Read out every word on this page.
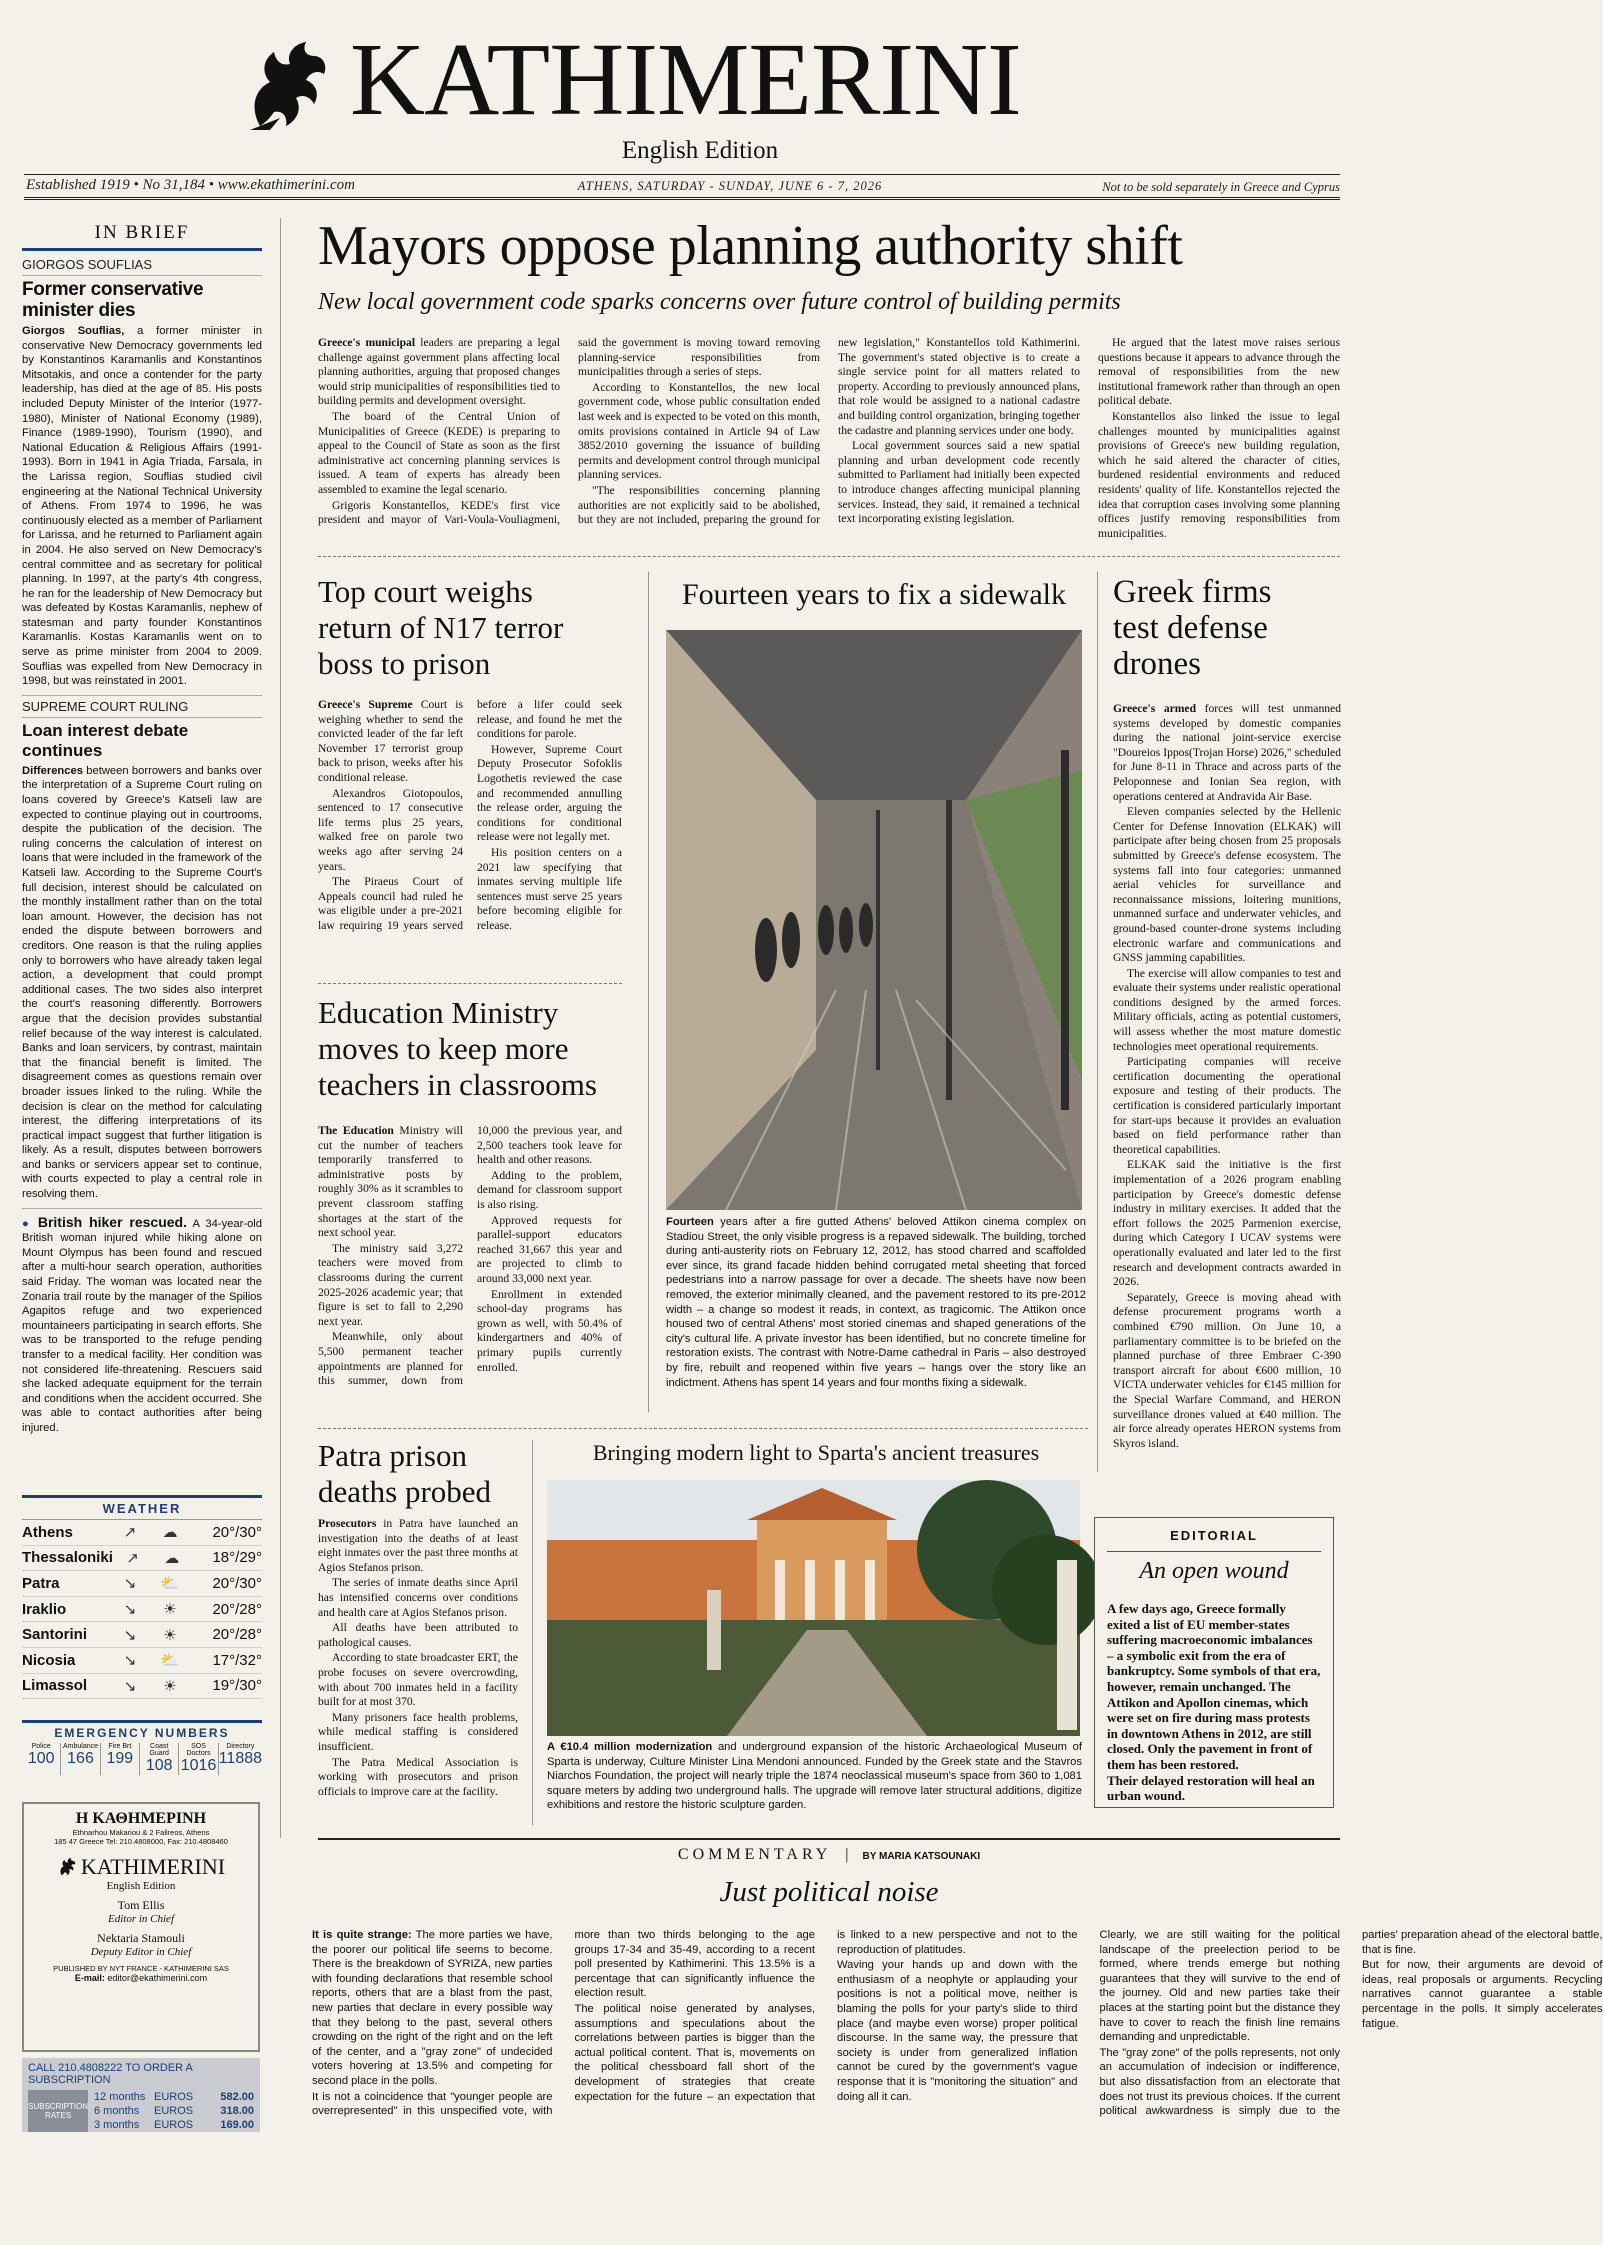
KATHIMERINI
English Edition
Established 1919 • No 31,184 • www.ekathimerini.com	ATHENS, SATURDAY - SUNDAY, JUNE 6 - 7, 2026	Not to be sold separately in Greece and Cyprus
IN BRIEF
GIORGOS SOUFLIAS
Former conservative minister dies

Giorgos Souflias, a former minister in conservative New Democracy governments led by Konstantinos Karamanlis and Konstantinos Mitsotakis, and once a contender for the party leadership, has died at the age of 85. His posts included Deputy Minister of the Interior (1977-1980), Minister of National Economy (1989), Finance (1989-1990), Tourism (1990), and National Education & Religious Affairs (1991-1993). Born in 1941 in Agia Triada, Farsala, in the Larissa region, Souflias studied civil engineering at the National Technical University of Athens. From 1974 to 1996, he was continuously elected as a member of Parliament for Larissa, and he returned to Parliament again in 2004. He also served on New Democracy's central committee and as secretary for political planning. In 1997, at the party's 4th congress, he ran for the leadership of New Democracy but was defeated by Kostas Karamanlis, nephew of statesman and party founder Konstantinos Karamanlis. Kostas Karamanlis went on to serve as prime minister from 2004 to 2009. Souflias was expelled from New Democracy in 1998, but was reinstated in 2001.

SUPREME COURT RULING
Loan interest debate continues

Differences between borrowers and banks over the interpretation of a Supreme Court ruling on loans covered by Greece's Katseli law are expected to continue playing out in courtrooms, despite the publication of the decision. The ruling concerns the calculation of interest on loans that were included in the framework of the Katseli law. According to the Supreme Court's full decision, interest should be calculated on the monthly installment rather than on the total loan amount. However, the decision has not ended the dispute between borrowers and creditors. One reason is that the ruling applies only to borrowers who have already taken legal action, a development that could prompt additional cases. The two sides also interpret the court's reasoning differently. Borrowers argue that the decision provides substantial relief because of the way interest is calculated. Banks and loan servicers, by contrast, maintain that the financial benefit is limited. The disagreement comes as questions remain over broader issues linked to the ruling. While the decision is clear on the method for calculating interest, the differing interpretations of its practical impact suggest that further litigation is likely. As a result, disputes between borrowers and banks or servicers appear set to continue, with courts expected to play a central role in resolving them.

● British hiker rescued. A 34-year-old British woman injured while hiking alone on Mount Olympus has been found and rescued after a multi-hour search operation, authorities said Friday. The woman was located near the Zonaria trail route by the manager of the Spilios Agapitos refuge and two experienced mountaineers participating in search efforts. She was to be transported to the refuge pending transfer to a medical facility. Her condition was not considered life-threatening. Rescuers said she lacked adequate equipment for the terrain and conditions when the accident occurred. She was able to contact authorities after being injured.

WEATHER
Athens	↗	☁	20°/30°
Thessaloniki ↗	☁	18°/29°
Patra	↘	⛅	20°/30°
Iraklio	↘	☀	20°/28°
Santorini	↘	☀	20°/28°
Nicosia	↘	⛅	17°/32°
Limassol	↘	☀	19°/30°
EMERGENCY NUMBERS
Police
100
Ambulance
166
Fire Brt
199
Coast Guard
108
SOS Doctors
1016
Directory
11888
Η ΚΑΘΗΜΕΡΙΝΗ
Ethnarhou Makariou & 2 Falireos, Athens
185 47 Greece Tel: 210.4808000, Fax: 210.4808460
KATHIMERINI
English Edition
Tom Ellis
Editor in Chief
Nektaria Stamouli
Deputy Editor in Chief
PUBLISHED BY NYT FRANCE - KATHIMERINI SAS
E-mail: editor@ekathimerini.com
CALL 210.4808222 TO ORDER A SUBSCRIPTION
SUBSCRIPTION RATES
12 months EUROS	582.00
6 months	EUROS	318.00
3 months	EUROS	169.00
Mayors oppose planning authority shift
New local government code sparks concerns over future control of building permits

Greece's municipal leaders are preparing a legal challenge against government plans affecting local planning authorities, arguing that proposed changes would strip municipalities of responsibilities tied to building permits and development oversight.

The board of the Central Union of Municipalities of Greece (KEDE) is preparing to appeal to the Council of State as soon as the first administrative act concerning planning services is issued. A team of experts has already been assembled to examine the legal scenario.

Grigoris Konstantellos, KEDE's first vice president and mayor of Vari-Voula-Vouliagmeni, said the government is moving toward removing planning-service responsibilities from municipalities through a series of steps.

According to Konstantellos, the new local government code, whose public consultation ended last week and is expected to be voted on this month, omits provisions contained in Article 94 of Law 3852/2010 governing the issuance of building permits and development control through municipal planning services.

"The responsibilities concerning planning authorities are not explicitly said to be abolished, but they are not included, preparing the ground for new legislation," Konstantellos told Kathimerini. The government's stated objective is to create a single service point for all matters related to property. According to previously announced plans, that role would be assigned to a national cadastre and building control organization, bringing together the cadastre and planning services under one body.

Local government sources said a new spatial planning and urban development code recently submitted to Parliament had initially been expected to introduce changes affecting municipal planning services. Instead, they said, it remained a technical text incorporating existing legislation.

He argued that the latest move raises serious questions because it appears to advance through the removal of responsibilities from the new institutional framework rather than through an open political debate.

Konstantellos also linked the issue to legal challenges mounted by municipalities against provisions of Greece's new building regulation, which he said altered the character of cities, burdened residential environments and reduced residents' quality of life. Konstantellos rejected the idea that corruption cases involving some planning offices justify removing responsibilities from municipalities.

Top court weighs return of N17 terror boss to prison

Greece's Supreme Court is weighing whether to send the convicted leader of the far left November 17 terrorist group back to prison, weeks after his conditional release.

Alexandros Giotopoulos, sentenced to 17 consecutive life terms plus 25 years, walked free on parole two weeks ago after serving 24 years.

The Piraeus Court of Appeals council had ruled he was eligible under a pre-2021 law requiring 19 years served before a lifer could seek release, and found he met the conditions for parole.

However, Supreme Court Deputy Prosecutor Sofoklis Logothetis reviewed the case and recommended annulling the release order, arguing the conditions for conditional release were not legally met.

His position centers on a 2021 law specifying that inmates serving multiple life sentences must serve 25 years before becoming eligible for release.

Education Ministry moves to keep more teachers in classrooms

The Education Ministry will cut the number of teachers temporarily transferred to administrative posts by roughly 30% as it scrambles to prevent classroom staffing shortages at the start of the next school year.

The ministry said 3,272 teachers were moved from classrooms during the current 2025-2026 academic year; that figure is set to fall to 2,290 next year.

Meanwhile, only about 5,500 permanent teacher appointments are planned for this summer, down from 10,000 the previous year, and 2,500 teachers took leave for health and other reasons.

Adding to the problem, demand for classroom support is also rising.

Approved requests for parallel-support educators reached 31,667 this year and are projected to climb to around 33,000 next year.

Enrollment in extended school-day programs has grown as well, with 50.4% of kindergartners and 40% of primary pupils currently enrolled.

Fourteen years to fix a sidewalk

Fourteen years after a fire gutted Athens' beloved Attikon cinema complex on Stadiou Street, the only visible progress is a repaved sidewalk. The building, torched during anti-austerity riots on February 12, 2012, has stood charred and scaffolded ever since, its grand facade hidden behind corrugated metal sheeting that forced pedestrians into a narrow passage for over a decade. The sheets have now been removed, the exterior minimally cleaned, and the pavement restored to its pre-2012 width – a change so modest it reads, in context, as tragicomic. The Attikon once housed two of central Athens' most storied cinemas and shaped generations of the city's cultural life. A private investor has been identified, but no concrete timeline for restoration exists. The contrast with Notre-Dame cathedral in Paris – also destroyed by fire, rebuilt and reopened within five years – hangs over the story like an indictment. Athens has spent 14 years and four months fixing a sidewalk.

Greek firms test defense drones

Greece's armed forces will test unmanned systems developed by domestic companies during the national joint-service exercise "Doureios Ippos(Trojan Horse) 2026," scheduled for June 8-11 in Thrace and across parts of the Peloponnese and Ionian Sea region, with operations centered at Andravida Air Base.

Eleven companies selected by the Hellenic Center for Defense Innovation (ELKAK) will participate after being chosen from 25 proposals submitted by Greece's defense ecosystem. The systems fall into four categories: unmanned aerial vehicles for surveillance and reconnaissance missions, loitering munitions, unmanned surface and underwater vehicles, and ground-based counter-drone systems including electronic warfare and communications and GNSS jamming capabilities.

The exercise will allow companies to test and evaluate their systems under realistic operational conditions designed by the armed forces. Military officials, acting as potential customers, will assess whether the most mature domestic technologies meet operational requirements.

Participating companies will receive certification documenting the operational exposure and testing of their products. The certification is considered particularly important for start-ups because it provides an evaluation based on field performance rather than theoretical capabilities.

ELKAK said the initiative is the first implementation of a 2026 program enabling participation by Greece's domestic defense industry in military exercises. It added that the effort follows the 2025 Parmenion exercise, during which Category I UCAV systems were operationally evaluated and later led to the first research and development contracts awarded in 2026.

Separately, Greece is moving ahead with defense procurement programs worth a combined €790 million. On June 10, a parliamentary committee is to be briefed on the planned purchase of three Embraer C-390 transport aircraft for about €600 million, 10 VICTA underwater vehicles for €145 million for the Special Warfare Command, and HERON surveillance drones valued at €40 million. The air force already operates HERON systems from Skyros island.

Patra prison deaths probed

Prosecutors in Patra have launched an investigation into the deaths of at least eight inmates over the past three months at Agios Stefanos prison.

The series of inmate deaths since April has intensified concerns over conditions and health care at Agios Stefanos prison.

All deaths have been attributed to pathological causes.

According to state broadcaster ERT, the probe focuses on severe overcrowding, with about 700 inmates held in a facility built for at most 370.

Many prisoners face health problems, while medical staffing is considered insufficient.

The Patra Medical Association is working with prosecutors and prison officials to improve care at the facility.

Bringing modern light to Sparta's ancient treasures

A €10.4 million modernization and underground expansion of the historic Archaeological Museum of Sparta is underway, Culture Minister Lina Mendoni announced. Funded by the Greek state and the Stavros Niarchos Foundation, the project will nearly triple the 1874 neoclassical museum's space from 360 to 1,081 square meters by adding two underground halls. The upgrade will remove later structural additions, digitize exhibitions and restore the historic sculpture garden.

EDITORIAL
An open wound
A few days ago, Greece formally exited a list of EU member-states suffering macroeconomic imbalances – a symbolic exit from the era of bankruptcy. Some symbols of that era, however, remain unchanged. The Attikon and Apollon cinemas, which were set on fire during mass protests in downtown Athens in 2012, are still closed. Only the pavement in front of them has been restored.
Their delayed restoration will heal an urban wound.
COMMENTARY | BY MARIA KATSOUNAKI
Just political noise

It is quite strange: The more parties we have, the poorer our political life seems to become. There is the breakdown of SYRIZA, new parties with founding declarations that resemble school reports, others that are a blast from the past, new parties that declare in every possible way that they belong to the past, several others crowding on the right of the right and on the left of the center, and a "gray zone" of undecided voters hovering at 13.5% and competing for second place in the polls.

It is not a coincidence that "younger people are overrepresented" in this unspecified vote, with more than two thirds belonging to the age groups 17-34 and 35-49, according to a recent poll presented by Kathimerini. This 13.5% is a percentage that can significantly influence the election result.

The political noise generated by analyses, assumptions and speculations about the correlations between parties is bigger than the actual political content. That is, movements on the political chessboard fall short of the development of strategies that create expectation for the future – an expectation that is linked to a new perspective and not to the reproduction of platitudes.

Waving your hands up and down with the enthusiasm of a neophyte or applauding your positions is not a political move, neither is blaming the polls for your party's slide to third place (and maybe even worse) proper political discourse. In the same way, the pressure that society is under from generalized inflation cannot be cured by the government's vague response that it is "monitoring the situation" and doing all it can.

Clearly, we are still waiting for the political landscape of the preelection period to be formed, where trends emerge but nothing guarantees that they will survive to the end of the journey. Old and new parties take their places at the starting point but the distance they have to cover to reach the finish line remains demanding and unpredictable.

The "gray zone" of the polls represents, not only an accumulation of indecision or indifference, but also dissatisfaction from an electorate that does not trust its previous choices. If the current political awkwardness is simply due to the parties' preparation ahead of the electoral battle, that is fine.

But for now, their arguments are devoid of ideas, real proposals or arguments. Recycling narratives cannot guarantee a stable percentage in the polls. It simply accelerates fatigue.
